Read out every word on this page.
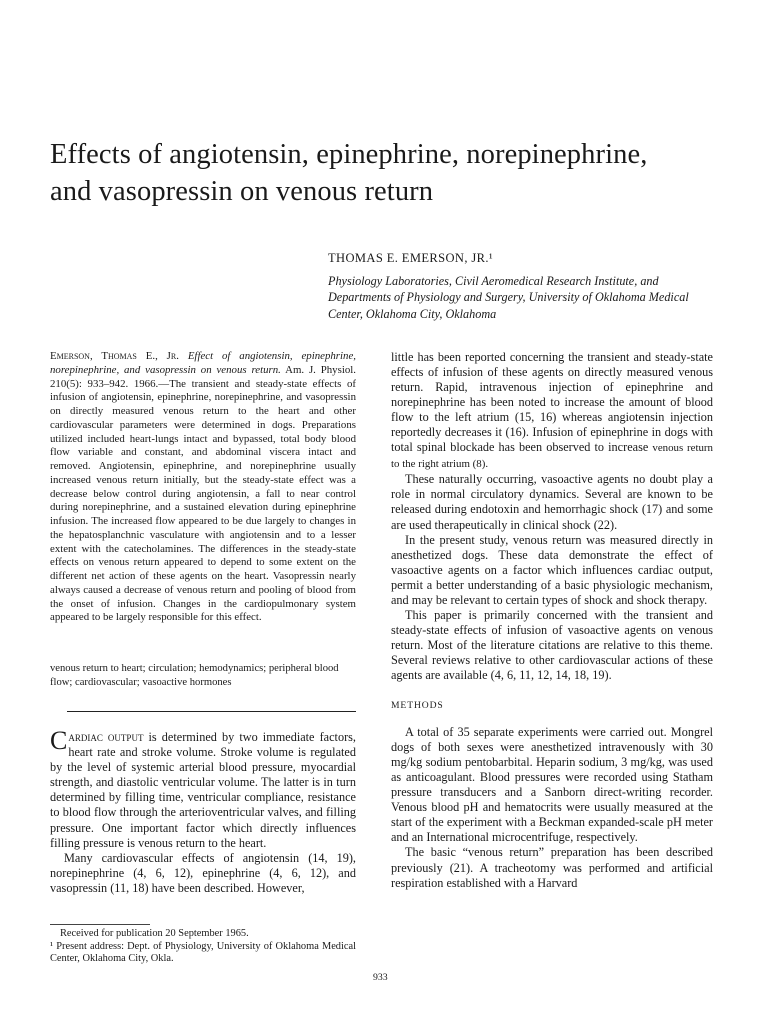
Effects of angiotensin, epinephrine, norepinephrine, and vasopressin on venous return
THOMAS E. EMERSON, JR.¹
Physiology Laboratories, Civil Aeromedical Research Institute, and Departments of Physiology and Surgery, University of Oklahoma Medical Center, Oklahoma City, Oklahoma

Emerson, Thomas E., Jr. Effect of angiotensin, epinephrine, norepinephrine, and vasopressin on venous return. Am. J. Physiol. 210(5): 933–942. 1966.—The transient and steady-state effects of infusion of angiotensin, epinephrine, norepinephrine, and vasopressin on directly measured venous return to the heart and other cardiovascular parameters were determined in dogs. Preparations utilized included heart-lungs intact and bypassed, total body blood flow variable and constant, and abdominal viscera intact and removed. Angiotensin, epinephrine, and norepinephrine usually increased venous return initially, but the steady-state effect was a decrease below control during angiotensin, a fall to near control during norepinephrine, and a sustained elevation during epinephrine infusion. The increased flow appeared to be due largely to changes in the hepatosplanchnic vasculature with angiotensin and to a lesser extent with the catecholamines. The differences in the steady-state effects on venous return appeared to depend to some extent on the different net action of these agents on the heart. Vasopressin nearly always caused a decrease of venous return and pooling of blood from the onset of infusion. Changes in the cardiopulmonary system appeared to be largely responsible for this effect.

venous return to heart; circulation; hemodynamics; peripheral blood flow; cardiovascular; vasoactive hormones

Cardiac output is determined by two immediate factors, heart rate and stroke volume. Stroke volume is regulated by the level of systemic arterial blood pressure, myocardial strength, and diastolic ventricular volume. The latter is in turn determined by filling time, ventricular compliance, resistance to blood flow through the arterioventricular valves, and filling pressure. One important factor which directly influences filling pressure is venous return to the heart.

Many cardiovascular effects of angiotensin (14, 19), norepinephrine (4, 6, 12), epinephrine (4, 6, 12), and vasopressin (11, 18) have been described. However,

Received for publication 20 September 1965.

¹ Present address: Dept. of Physiology, University of Oklahoma Medical Center, Oklahoma City, Okla.

little has been reported concerning the transient and steady-state effects of infusion of these agents on directly measured venous return. Rapid, intravenous injection of epinephrine and norepinephrine has been noted to increase the amount of blood flow to the left atrium (15, 16) whereas angiotensin injection reportedly decreases it (16). Infusion of epinephrine in dogs with total spinal blockade has been observed to increase venous return to the right atrium (8).

These naturally occurring, vasoactive agents no doubt play a role in normal circulatory dynamics. Several are known to be released during endotoxin and hemorrhagic shock (17) and some are used therapeutically in clinical shock (22).

In the present study, venous return was measured directly in anesthetized dogs. These data demonstrate the effect of vasoactive agents on a factor which influences cardiac output, permit a better understanding of a basic physiologic mechanism, and may be relevant to certain types of shock and shock therapy.

This paper is primarily concerned with the transient and steady-state effects of infusion of vasoactive agents on venous return. Most of the literature citations are relative to this theme. Several reviews relative to other cardiovascular actions of these agents are available (4, 6, 11, 12, 14, 18, 19).

METHODS

A total of 35 separate experiments were carried out. Mongrel dogs of both sexes were anesthetized intravenously with 30 mg/kg sodium pentobarbital. Heparin sodium, 3 mg/kg, was used as anticoagulant. Blood pressures were recorded using Statham pressure transducers and a Sanborn direct-writing recorder. Venous blood pH and hematocrits were usually measured at the start of the experiment with a Beckman expanded-scale pH meter and an International microcentrifuge, respectively.

The basic “venous return” preparation has been described previously (21). A tracheotomy was performed and artificial respiration established with a Harvard

933
